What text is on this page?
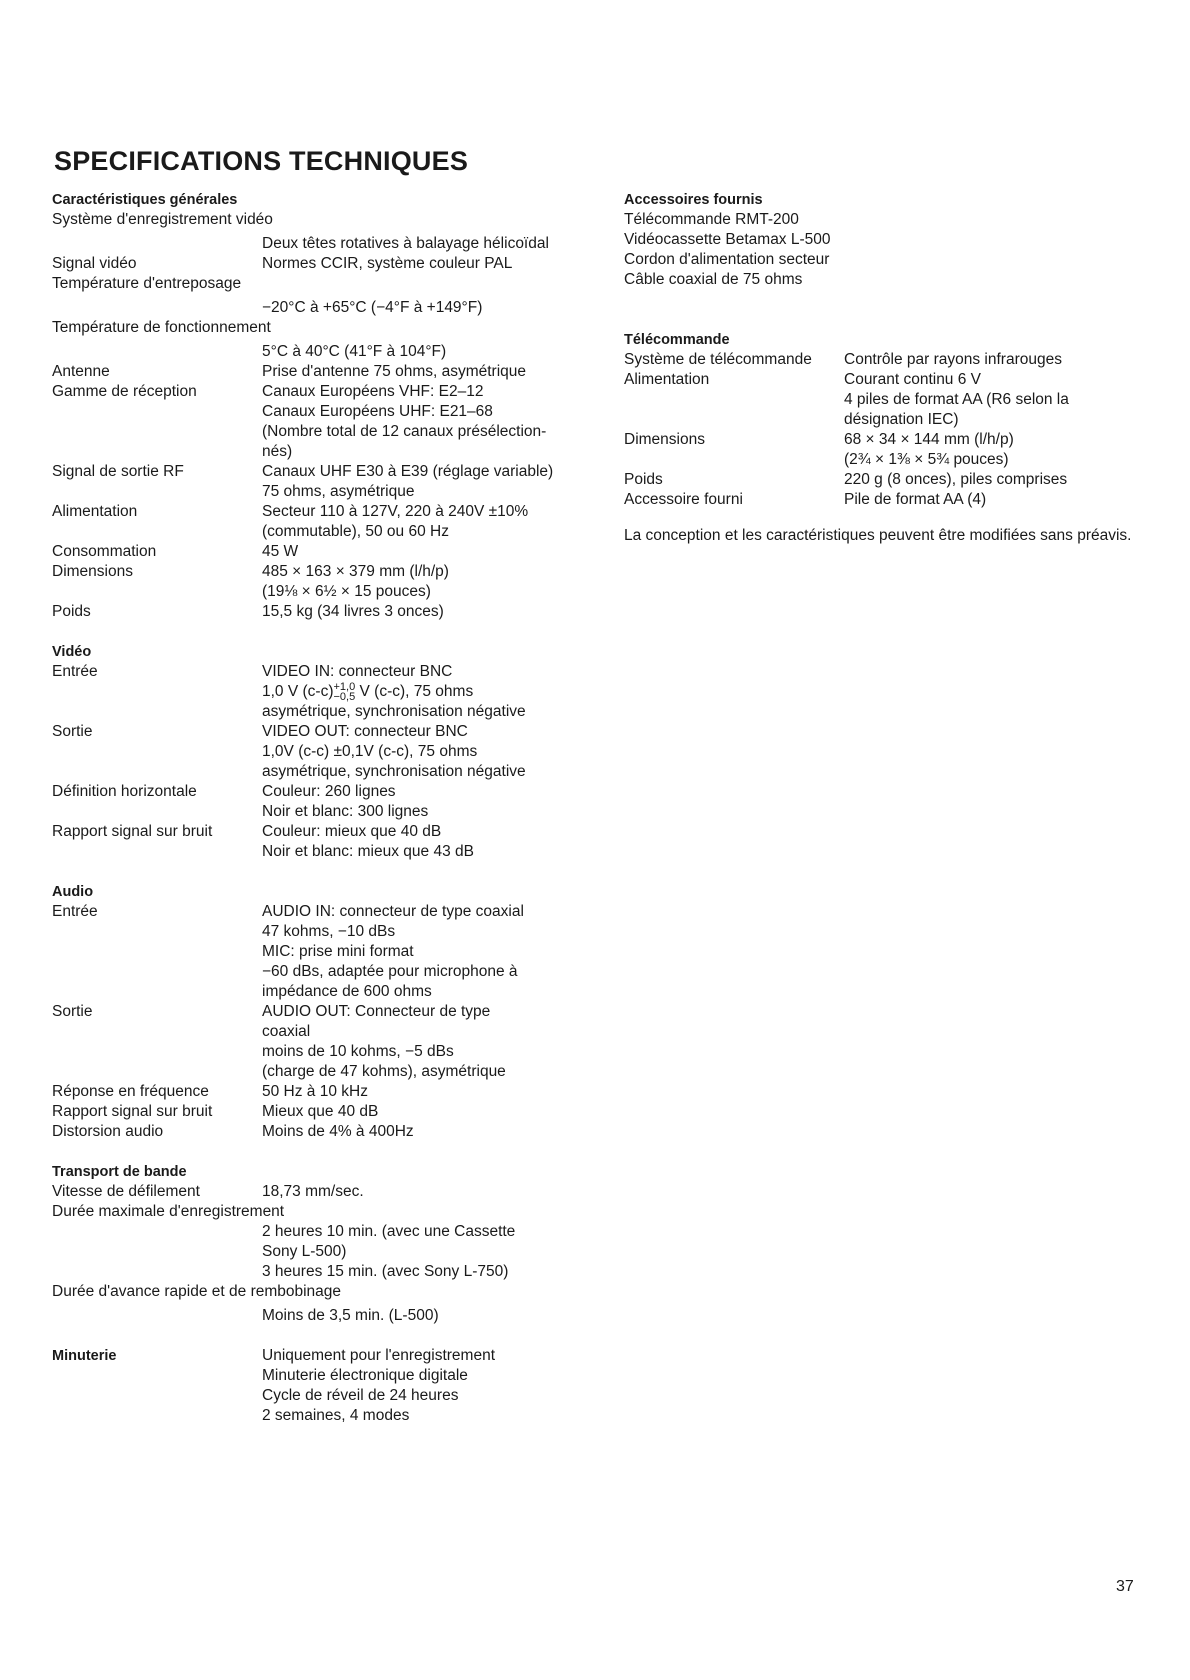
SPECIFICATIONS TECHNIQUES
Caractéristiques générales
Système d'enregistrement vidéo
Deux têtes rotatives à balayage hélicoïdal
Signal vidéo	Normes CCIR, système couleur PAL
Température d'entreposage
−20°C à +65°C (−4°F à +149°F)
Température de fonctionnement
5°C à 40°C (41°F à 104°F)
Antenne	Prise d'antenne 75 ohms, asymétrique
Gamme de réception	Canaux Européens VHF: E2–12
Canaux Européens UHF: E21–68
(Nombre total de 12 canaux présélection-
nés)
Signal de sortie RF	Canaux UHF E30 à E39 (réglage variable)
75 ohms, asymétrique
Alimentation	Secteur 110 à 127V, 220 à 240V ±10%
(commutable), 50 ou 60 Hz
Consommation	45 W
Dimensions	485 × 163 × 379 mm (l/h/p)
(19⅛ × 6½ × 15 pouces)
Poids	15,5 kg (34 livres 3 onces)
Vidéo
Entrée	VIDEO IN: connecteur BNC
1,0 V (c-c) +1,0
−0,5 V (c-c), 75 ohms
asymétrique, synchronisation négative
Sortie	VIDEO OUT: connecteur BNC
1,0V (c-c) ±0,1V (c-c), 75 ohms
asymétrique, synchronisation négative
Définition horizontale	Couleur: 260 lignes
Noir et blanc: 300 lignes
Rapport signal sur bruit	Couleur: mieux que 40 dB
Noir et blanc: mieux que 43 dB
Audio
Entrée	AUDIO IN: connecteur de type coaxial
47 kohms, −10 dBs
MIC: prise mini format
−60 dBs, adaptée pour microphone à
impédance de 600 ohms
Sortie	AUDIO OUT: Connecteur de type
coaxial
moins de 10 kohms, −5 dBs
(charge de 47 kohms), asymétrique
Réponse en fréquence	50 Hz à 10 kHz
Rapport signal sur bruit	Mieux que 40 dB
Distorsion audio	Moins de 4% à 400Hz
Transport de bande
Vitesse de défilement	18,73 mm/sec.
Durée maximale d'enregistrement
2 heures 10 min. (avec une Cassette
Sony L-500)
3 heures 15 min. (avec Sony L-750)
Durée d'avance rapide et de rembobinage
Moins de 3,5 min. (L-500)
Minuterie	Uniquement pour l'enregistrement
Minuterie électronique digitale
Cycle de réveil de 24 heures
2 semaines, 4 modes
Accessoires fournis
Télécommande RMT-200
Vidéocassette Betamax L-500
Cordon d'alimentation secteur
Câble coaxial de 75 ohms
Télécommande
Système de télécommande	Contrôle par rayons infrarouges
Alimentation	Courant continu 6 V
4 piles de format AA (R6 selon la
désignation IEC)
Dimensions	68 × 34 × 144 mm (l/h/p)
(2¾ × 1⅜ × 5¾ pouces)
Poids	220 g (8 onces), piles comprises
Accessoire fourni	Pile de format AA (4)
La conception et les caractéristiques peuvent être modifiées sans préavis.
37
